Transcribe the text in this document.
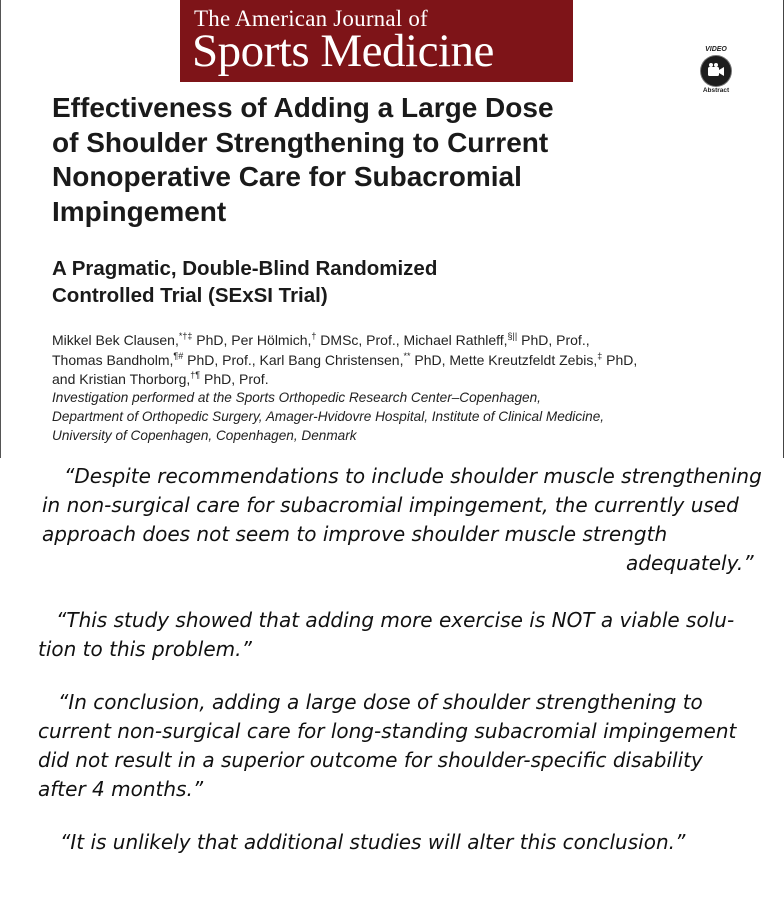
The American Journal of
Sports Medicine	VIDEO
Abstract
Effectiveness of Adding a Large Dose
of Shoulder Strengthening to Current
Nonoperative Care for Subacromial
Impingement
A Pragmatic, Double-Blind Randomized
Controlled Trial (SExSI Trial)
Mikkel Bek Clausen,*†‡ PhD, Per Hölmich,† DMSc, Prof., Michael Rathleff,§|| PhD, Prof.,
Thomas Bandholm,¶# PhD, Prof., Karl Bang Christensen,** PhD, Mette Kreutzfeldt Zebis,‡ PhD,
and Kristian Thorborg,†¶ PhD, Prof.
Investigation performed at the Sports Orthopedic Research Center–Copenhagen,
Department of Orthopedic Surgery, Amager-Hvidovre Hospital, Institute of Clinical Medicine,
University of Copenhagen, Copenhagen, Denmark
“Despite recommendations to include shoulder muscle strengthening
in non-surgical care for subacromial impingement, the currently used
approach does not seem to improve shoulder muscle strength
adequately.”
“This study showed that adding more exercise is NOT a viable solu-
tion to this problem.”
“In conclusion, adding a large dose of shoulder strengthening to
current non-surgical care for long-standing subacromial impingement
did not result in a superior outcome for shoulder-specific disability
after 4 months.”
“It is unlikely that additional studies will alter this conclusion.”
